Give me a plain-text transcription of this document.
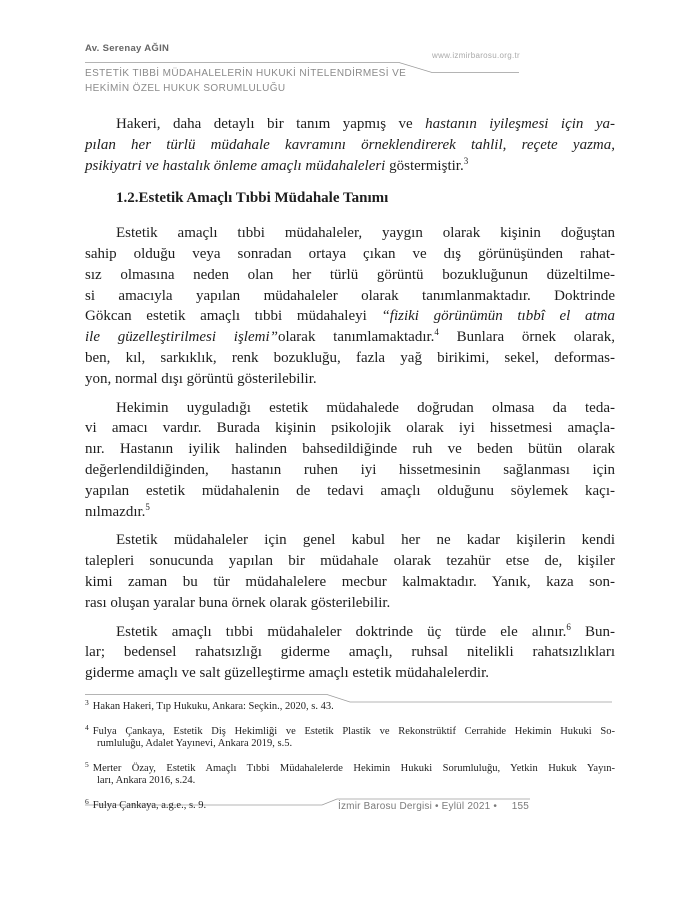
Av. Serenay AĞIN
ESTETİK TIBBİ MÜDAHALELERİN HUKUKİ NİTELENDİRMESİ VE
HEKİMİN ÖZEL HUKUK SORUMLULUĞU
www.izmirbarosu.org.tr
Hakeri, daha detaylı bir tanım yapmış ve hastanın iyileşmesi için ya-
pılan her türlü müdahale kavramını örneklendirerek tahlil, reçete yazma,
psikiyatri ve hastalık önleme amaçlı müdahaleleri göstermiştir.$^3$
1.2.Estetik Amaçlı Tıbbi Müdahale Tanımı
Estetik amaçlı tıbbi müdahaleler, yaygın olarak kişinin doğuştan
sahip olduğu veya sonradan ortaya çıkan ve dış görünüşünden rahat-
sız olmasına neden olan her türlü görüntü bozukluğunun düzeltilme-
si amacıyla yapılan müdahaleler olarak tanımlanmaktadır. Doktrinde
Gökcan estetik amaçlı tıbbi müdahaleyi “fiziki görünümün tıbbî el atma
ile güzelleştirilmesi işlemi”olarak tanımlamaktadır.$^4$ Bunlara örnek olarak,
ben, kıl, sarkıklık, renk bozukluğu, fazla yağ birikimi, sekel, deformas-
yon, normal dışı görüntü gösterilebilir.
Hekimin uyguladığı estetik müdahalede doğrudan olmasa da teda-
vi amacı vardır. Burada kişinin psikolojik olarak iyi hissetmesi amaçla-
nır. Hastanın iyilik halinden bahsedildiğinde ruh ve beden bütün olarak
değerlendildiğinden, hastanın ruhen iyi hissetmesinin sağlanması için
yapılan estetik müdahalenin de tedavi amaçlı olduğunu söylemek kaçı-
nılmazdır.$^5$
Estetik müdahaleler için genel kabul her ne kadar kişilerin kendi
talepleri sonucunda yapılan bir müdahale olarak tezahür etse de, kişiler
kimi zaman bu tür müdahalelere mecbur kalmaktadır. Yanık, kaza son-
rası oluşan yaralar buna örnek olarak gösterilebilir.
Estetik amaçlı tıbbi müdahaleler doktrinde üç türde ele alınır.$^6$ Bun-
lar; bedensel rahatsızlığı giderme amaçlı, ruhsal nitelikli rahatsızlıkları
giderme amaçlı ve salt güzelleştirme amaçlı estetik müdahalelerdir.
$^3$ Hakan Hakeri, Tıp Hukuku, Ankara: Seçkin., 2020, s. 43.
$^4$ Fulya Çankaya, Estetik Diş Hekimliği ve Estetik Plastik ve Rekonstrüktif Cerrahide Hekimin Hukuki So-
rumluluğu, Adalet Yayınevi, Ankara 2019, s.5.
$^5$ Merter Özay, Estetik Amaçlı Tıbbi Müdahalelerde Hekimin Hukuki Sorumluluğu, Yetkin Hukuk Yayın-
ları, Ankara 2016, s.24.
$^6$ Fulya Çankaya, a.g.e., s. 9.	İzmir Barosu Dergisi • Eylül 2021 • 155
